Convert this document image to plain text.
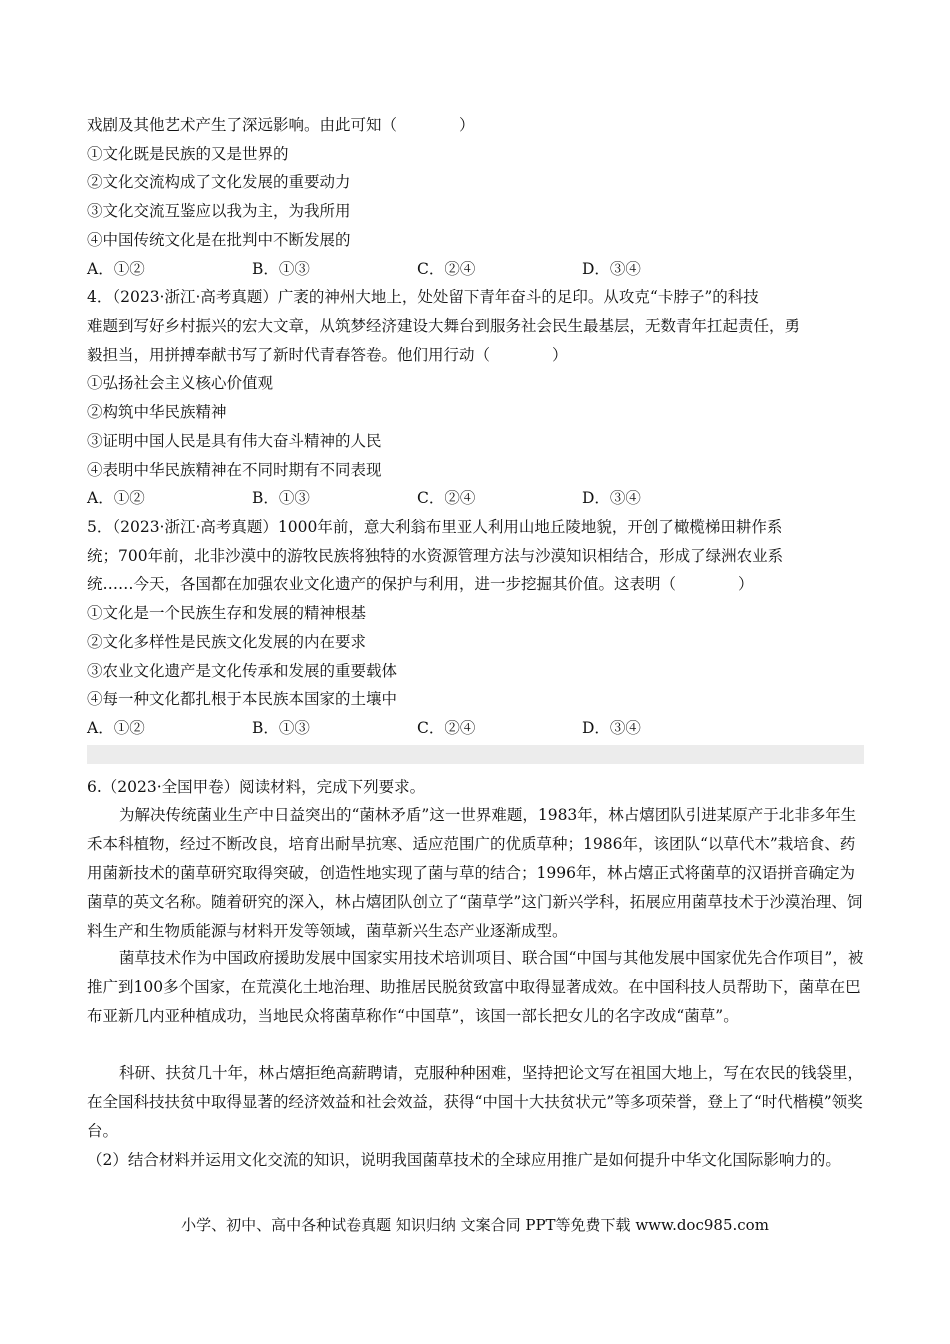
戏剧及其他艺术产生了深远影响。由此可知（　　　　）
①文化既是民族的又是世界的
②文化交流构成了文化发展的重要动力
③文化交流互鉴应以我为主，为我所用
④中国传统文化是在批判中不断发展的
A．①②	B．①③	C．②④	D．③④
4．（2023·浙江·高考真题）广袤的神州大地上，处处留下青年奋斗的足印。从攻克“卡脖子”的科技
难题到写好乡村振兴的宏大文章，从筑梦经济建设大舞台到服务社会民生最基层，无数青年扛起责任，勇
毅担当，用拼搏奉献书写了新时代青春答卷。他们用行动（　　　　）
①弘扬社会主义核心价值观
②构筑中华民族精神
③证明中国人民是具有伟大奋斗精神的人民
④表明中华民族精神在不同时期有不同表现
A．①②	B．①③	C．②④	D．③④
5．（2023·浙江·高考真题）1000年前，意大利翁布里亚人利用山地丘陵地貌，开创了橄榄梯田耕作系
统；700年前，北非沙漠中的游牧民族将独特的水资源管理方法与沙漠知识相结合，形成了绿洲农业系
统……今天，各国都在加强农业文化遗产的保护与利用，进一步挖掘其价值。这表明（　　　　）
①文化是一个民族生存和发展的精神根基
②文化多样性是民族文化发展的内在要求
③农业文化遗产是文化传承和发展的重要载体
④每一种文化都扎根于本民族本国家的土壤中
A．①②	B．①③	C．②④	D．③④
6.（2023·全国甲卷）阅读材料，完成下列要求。
为解决传统菌业生产中日益突出的“菌林矛盾”这一世界难题，1983年，林占熺团队引进某原产于北非多年生禾本科植物，经过不断改良，培育出耐旱抗寒、适应范围广的优质草种；1986年，该团队“以草代木”栽培食、药用菌新技术的菌草研究取得突破，创造性地实现了菌与草的结合；1996年，林占熺正式将菌草的汉语拼音确定为菌草的英文名称。随着研究的深入，林占熺团队创立了“菌草学”这门新兴学科，拓展应用菌草技术于沙漠治理、饲料生产和生物质能源与材料开发等领域，菌草新兴生态产业逐渐成型。
菌草技术作为中国政府援助发展中国家实用技术培训项目、联合国“中国与其他发展中国家优先合作项目”，被推广到100多个国家，在荒漠化土地治理、助推居民脱贫致富中取得显著成效。在中国科技人员帮助下，菌草在巴布亚新几内亚种植成功，当地民众将菌草称作“中国草”，该国一部长把女儿的名字改成“菌草”。
科研、扶贫几十年，林占熺拒绝高薪聘请，克服种种困难，坚持把论文写在祖国大地上，写在农民的钱袋里，在全国科技扶贫中取得显著的经济效益和社会效益，获得“中国十大扶贫状元”等多项荣誉，登上了“时代楷模”领奖台。
（2）结合材料并运用文化交流的知识，说明我国菌草技术的全球应用推广是如何提升中华文化国际影响力的。
小学、初中、高中各种试卷真题 知识归纳 文案合同 PPT等免费下载 www.doc985.com
